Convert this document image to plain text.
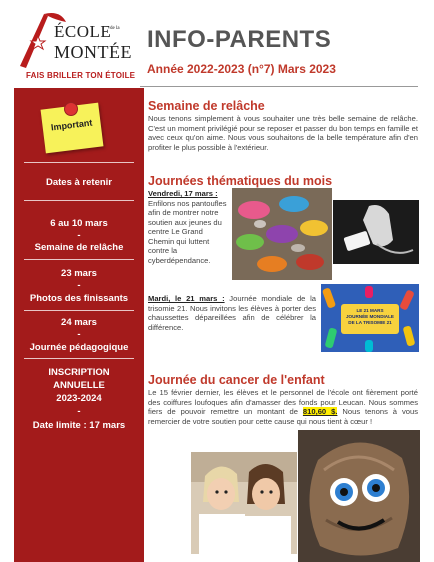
ÉCOLE
de la
MONTÉE
FAIS BRILLER TON ÉTOILE
INFO-PARENTS
Année 2022-2023 (n°7) Mars 2023
Important
Dates à retenir
6 au 10 mars
-
Semaine de relâche
23 mars
-
Photos des finissants
24 mars
-
Journée pédagogique
INSCRIPTION
ANNUELLE
2023-2024
-
Date limite : 17 mars
Semaine de relâche
Nous tenons simplement à vous souhaiter une très belle semaine de relâche. C'est un moment privilégié pour se reposer et passer du bon temps en famille et avec ceux qu'on aime. Nous vous souhaitons de la belle température afin d'en profiter le plus possible à l'extérieur.
Journées thématiques du mois
Vendredi, 17 mars :
Enfilons nos pantoufles afin de montrer notre soutien aux jeunes du centre Le Grand Chemin qui luttent contre la cyberdépendance.
Mardi, le 21 mars : Journée mondiale de la trisomie 21. Nous invitons les élèves à porter des chaussettes dépareillées afin de célébrer la différence.
LE 21 MARS
JOURNÉE MONDIALE
DE LA TRISOMIE 21
Journée du cancer de l'enfant
Le 15 février dernier, les élèves et le personnel de l'école ont fièrement porté des coiffures loufoques afin d'amasser des fonds pour Leucan. Nous sommes fiers de pouvoir remettre un montant de 810,60 $. Nous tenons à vous remercier de votre soutien pour cette cause qui nous tient à cœur !
